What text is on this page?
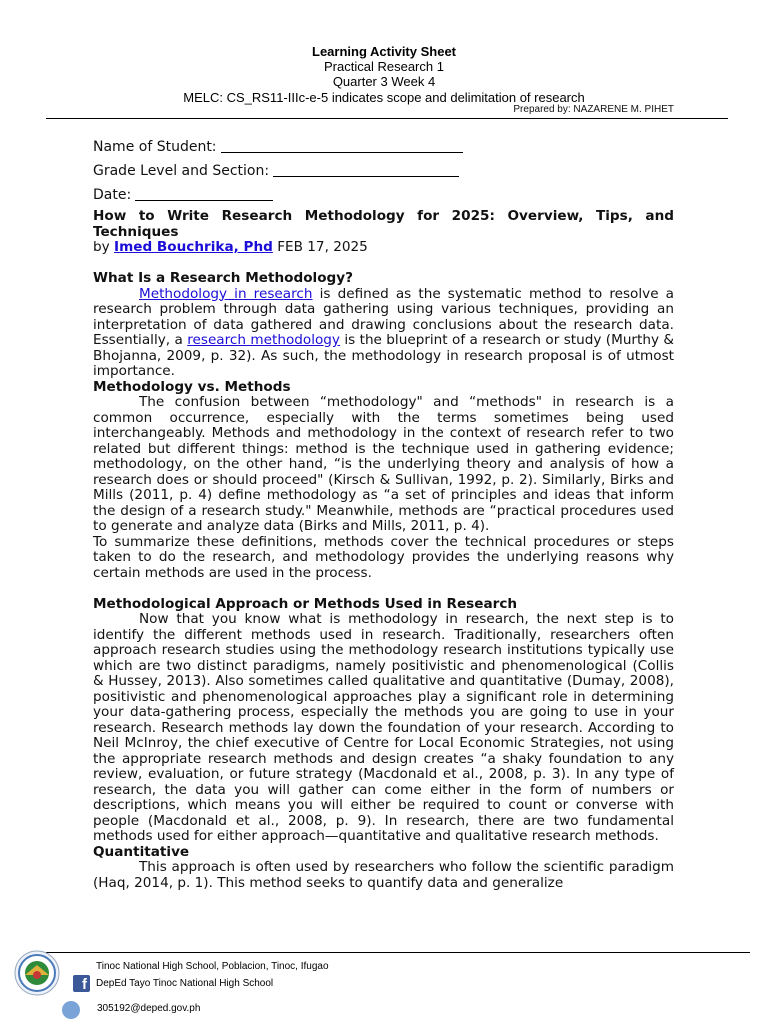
Learning Activity Sheet
Practical Research 1
Quarter 3 Week 4
MELC: CS_RS11-IIIc-e-5 indicates scope and delimitation of research
Prepared by: NAZARENE M. PIHET
Name of Student:
Grade Level and Section:
Date:

How to Write Research Methodology for 2025: Overview, Tips, and Techniques

by Imed Bouchrika, Phd FEB 17, 2025

What Is a Research Methodology?

Methodology in research is defined as the systematic method to resolve a research problem through data gathering using various techniques, providing an interpretation of data gathered and drawing conclusions about the research data. Essentially, a research methodology is the blueprint of a research or study (Murthy & Bhojanna, 2009, p. 32). As such, the methodology in research proposal is of utmost importance.

Methodology vs. Methods

The confusion between “methodology" and “methods" in research is a common occurrence, especially with the terms sometimes being used interchangeably. Methods and methodology in the context of research refer to two related but different things: method is the technique used in gathering evidence; methodology, on the other hand, “is the underlying theory and analysis of how a research does or should proceed" (Kirsch & Sullivan, 1992, p. 2). Similarly, Birks and Mills (2011, p. 4) define methodology as “a set of principles and ideas that inform the design of a research study." Meanwhile, methods are “practical procedures used to generate and analyze data (Birks and Mills, 2011, p. 4).

To summarize these definitions, methods cover the technical procedures or steps taken to do the research, and methodology provides the underlying reasons why certain methods are used in the process.

Methodological Approach or Methods Used in Research

Now that you know what is methodology in research, the next step is to identify the different methods used in research. Traditionally, researchers often approach research studies using the methodology research institutions typically use which are two distinct paradigms, namely positivistic and phenomenological (Collis & Hussey, 2013). Also sometimes called qualitative and quantitative (Dumay, 2008), positivistic and phenomenological approaches play a significant role in determining your data-gathering process, especially the methods you are going to use in your research. Research methods lay down the foundation of your research. According to Neil McInroy, the chief executive of Centre for Local Economic Strategies, not using the appropriate research methods and design creates “a shaky foundation to any review, evaluation, or future strategy (Macdonald et al., 2008, p. 3). In any type of research, the data you will gather can come either in the form of numbers or descriptions, which means you will either be required to count or converse with people (Macdonald et al., 2008, p. 9). In research, there are two fundamental methods used for either approach—quantitative and qualitative research methods.

Quantitative

This approach is often used by researchers who follow the scientific paradigm (Haq, 2014, p. 1). This method seeks to quantify data and generalize

f
Tinoc National High School, Poblacion, Tinoc, Ifugao
DepEd Tayo Tinoc National High School
305192@deped.gov.ph
